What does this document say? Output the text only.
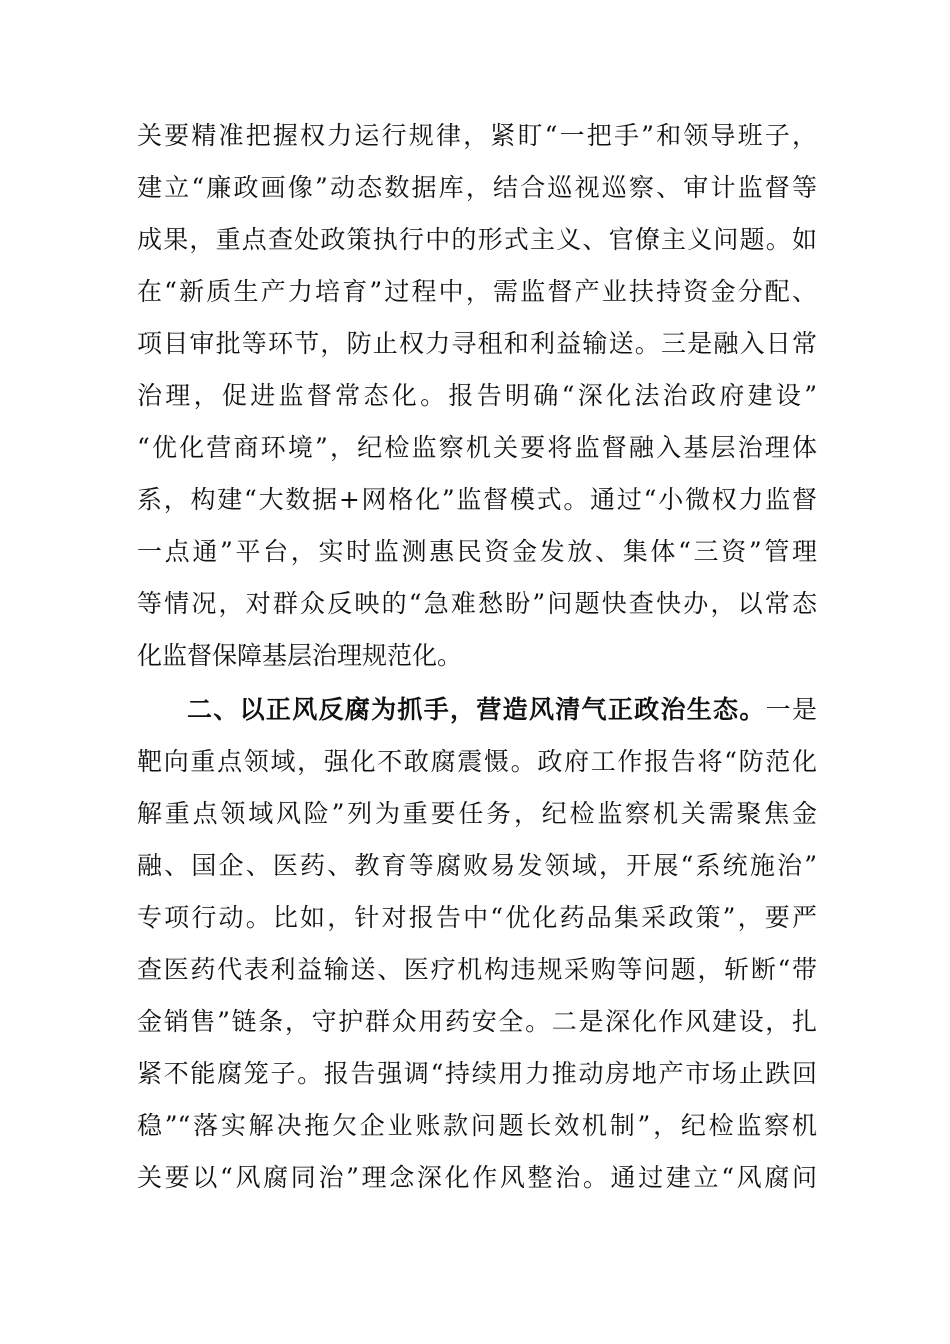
关要精准把握权力运行规律，紧盯“一把手”和领导班子，
建立“廉政画像”动态数据库，结合巡视巡察、审计监督等
成果，重点查处政策执行中的形式主义、官僚主义问题。如
在“新质生产力培育”过程中，需监督产业扶持资金分配、
项目审批等环节，防止权力寻租和利益输送。三是融入日常
治理，促进监督常态化。报告明确“深化法治政府建设”
“优化营商环境”，纪检监察机关要将监督融入基层治理体
系，构建“大数据+网格化”监督模式。通过“小微权力监督
一点通”平台，实时监测惠民资金发放、集体“三资”管理
等情况，对群众反映的“急难愁盼”问题快查快办，以常态
化监督保障基层治理规范化。
二、以正风反腐为抓手，营造风清气正政治生态。一是
靶向重点领域，强化不敢腐震慑。政府工作报告将“防范化
解重点领域风险”列为重要任务，纪检监察机关需聚焦金
融、国企、医药、教育等腐败易发领域，开展“系统施治”
专项行动。比如，针对报告中“优化药品集采政策”，要严
查医药代表利益输送、医疗机构违规采购等问题，斩断“带
金销售”链条，守护群众用药安全。二是深化作风建设，扎
紧不能腐笼子。报告强调“持续用力推动房地产市场止跌回
稳”“落实解决拖欠企业账款问题长效机制”，纪检监察机
关要以“风腐同治”理念深化作风整治。通过建立“风腐问
